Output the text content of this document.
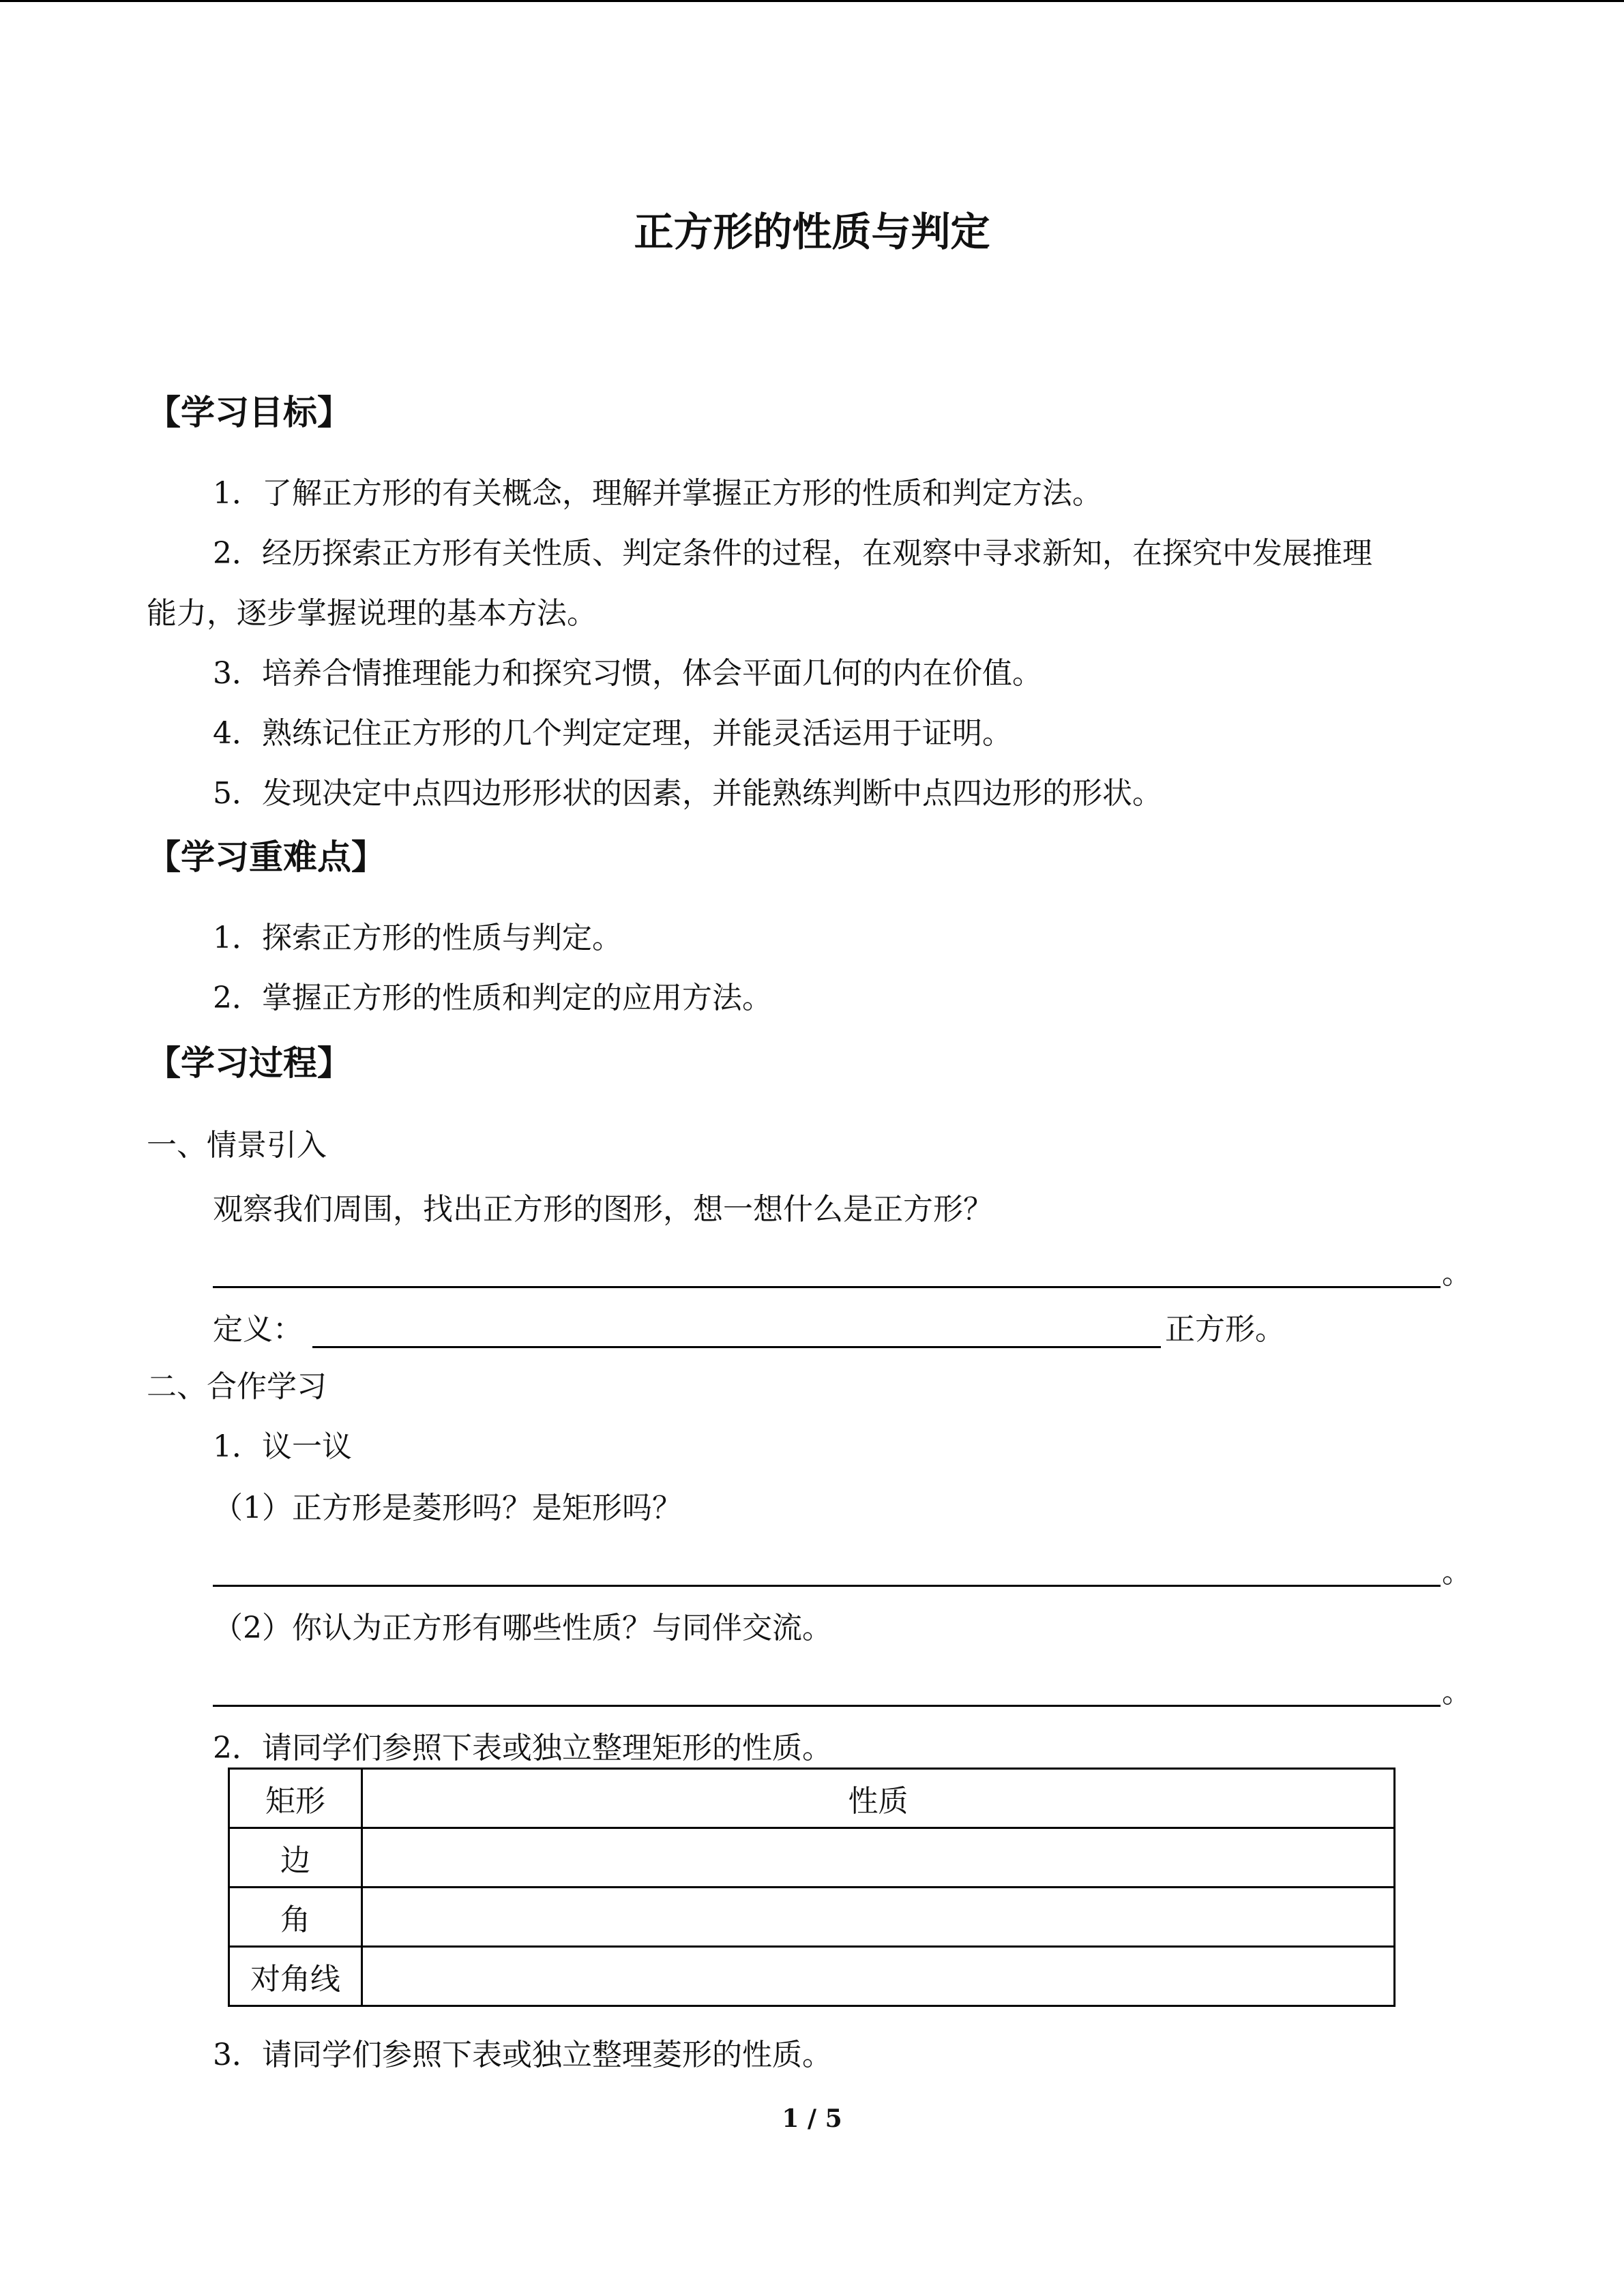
正方形的性质与判定
【学习目标】
1．了解正方形的有关概念，理解并掌握正方形的性质和判定方法。
2．经历探索正方形有关性质、判定条件的过程，在观察中寻求新知，在探究中发展推理
能力，逐步掌握说理的基本方法。
3．培养合情推理能力和探究习惯，体会平面几何的内在价值。
4．熟练记住正方形的几个判定定理，并能灵活运用于证明。
5．发现决定中点四边形形状的因素，并能熟练判断中点四边形的形状。
【学习重难点】
1．探索正方形的性质与判定。
2．掌握正方形的性质和判定的应用方法。
【学习过程】
一、情景引入
观察我们周围，找出正方形的图形，想一想什么是正方形？
。
定义：	正方形。
二、合作学习
1．议一议
（1）正方形是菱形吗？是矩形吗？
。
（2）你认为正方形有哪些性质？与同伴交流。
。
2．请同学们参照下表或独立整理矩形的性质。
矩形	性质
边	
角	
对角线	
3．请同学们参照下表或独立整理菱形的性质。
1 / 5
